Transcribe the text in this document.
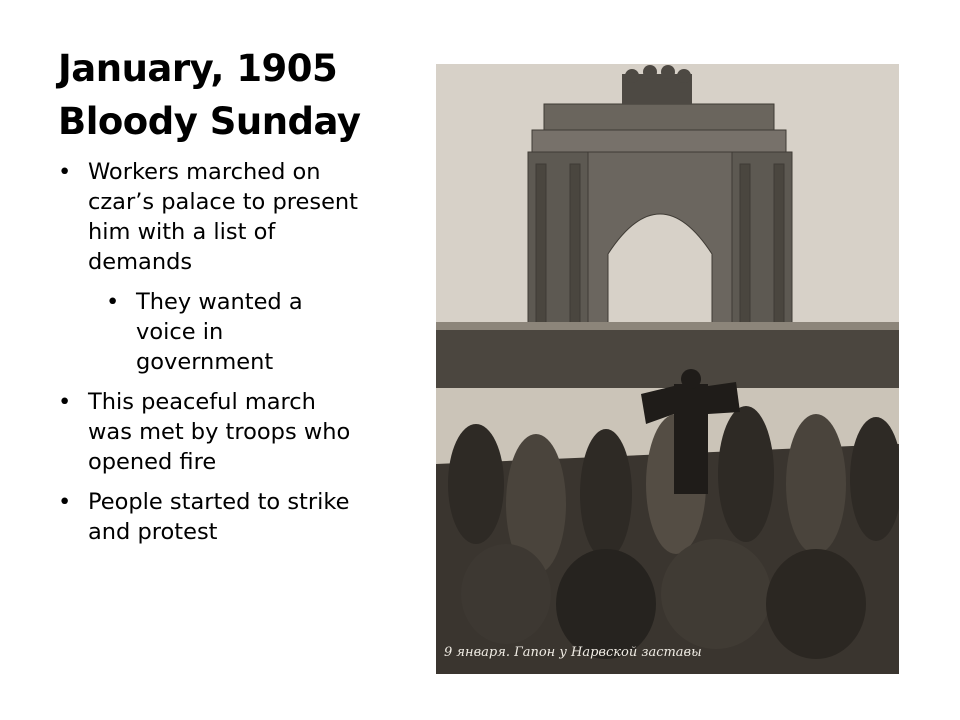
January, 1905
Bloody Sunday
• Workers marched on czar’s palace to present him with a list of demands
• They wanted a voice in government
• This peaceful march was met by troops who opened fire
• People started to strike and protest
9 января. Гапон у Нарвской заставы
